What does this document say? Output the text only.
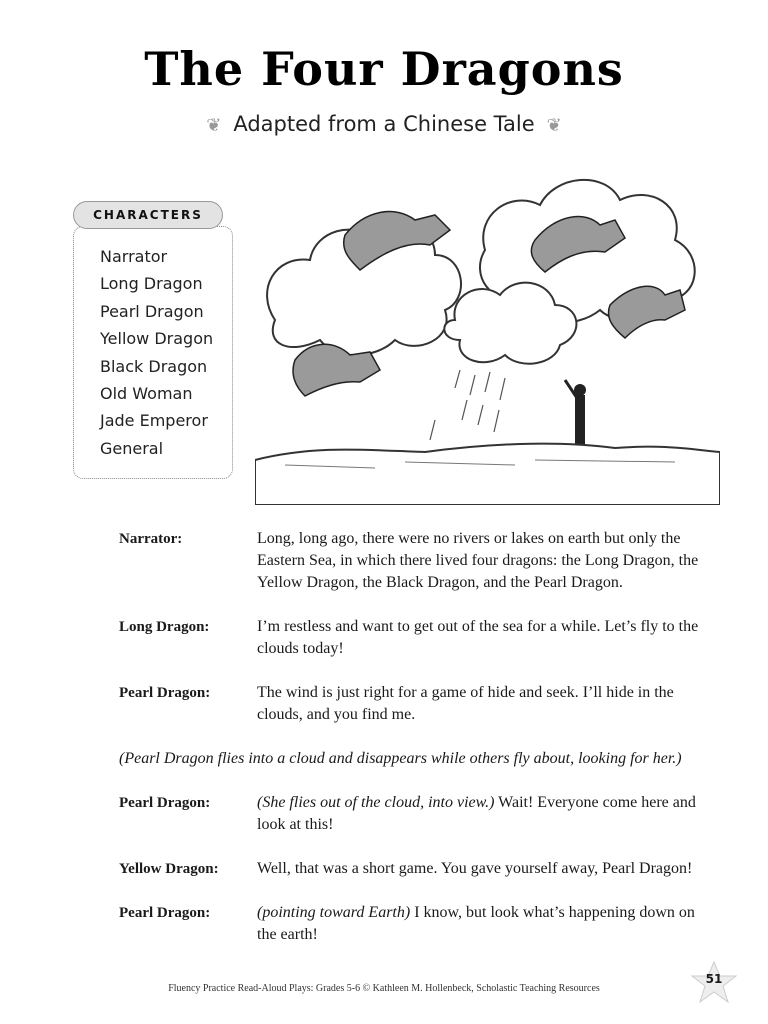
The Four Dragons
❦ Adapted from a Chinese Tale ❦
CHARACTERS
Narrator
Long Dragon
Pearl Dragon
Yellow Dragon
Black Dragon
Old Woman
Jade Emperor
General
Narrator:	Long, long ago, there were no rivers or lakes on earth but only the Eastern Sea, in which there lived four dragons: the Long Dragon, the Yellow Dragon, the Black Dragon, and the Pearl Dragon.
Long Dragon:	I’m restless and want to get out of the sea for a while. Let’s fly to the clouds today!
Pearl Dragon:	The wind is just right for a game of hide and seek. I’ll hide in the clouds, and you find me.
(Pearl Dragon flies into a cloud and disappears while others fly about, looking for her.)
Pearl Dragon:	(She flies out of the cloud, into view.) Wait! Everyone come here and look at this!
Yellow Dragon:	Well, that was a short game. You gave yourself away, Pearl Dragon!
Pearl Dragon:	(pointing toward Earth) I know, but look what’s happening down on the earth!
Fluency Practice Read-Aloud Plays: Grades 5-6 © Kathleen M. Hollenbeck, Scholastic Teaching Resources
51
